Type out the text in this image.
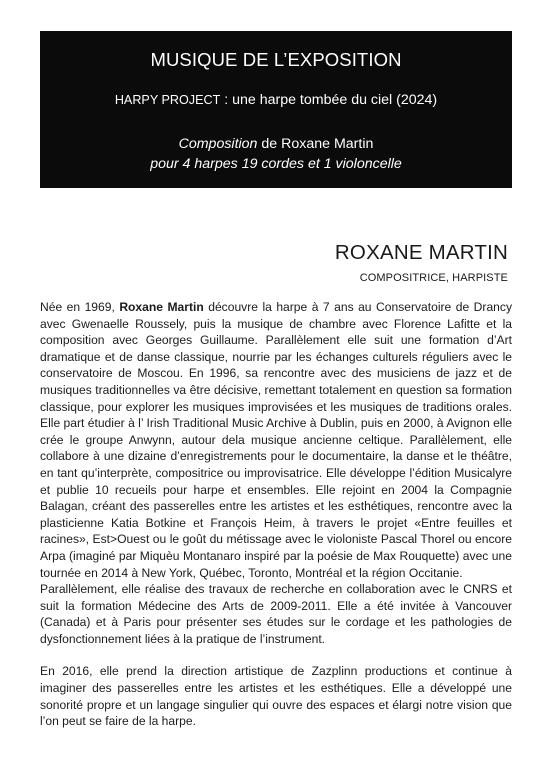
MUSIQUE DE L’EXPOSITION
HARPY PROJECT : une harpe tombée du ciel (2024)
Composition de Roxane Martin
pour 4 harpes 19 cordes et 1 violoncelle
ROXANE MARTIN
COMPOSITRICE, HARPISTE

Née en 1969, Roxane Martin découvre la harpe à 7 ans au Conservatoire de Drancy avec Gwenaelle Roussely, puis la musique de chambre avec Florence Lafitte et la composition avec Georges Guillaume. Parallèlement elle suit une formation d’Art dramatique et de danse classique, nourrie par les échanges culturels réguliers avec le conservatoire de Moscou. En 1996, sa rencontre avec des musiciens de jazz et de musiques traditionnelles va être décisive, remettant totalement en question sa formation classique, pour explorer les musiques improvisées et les musiques de traditions orales. Elle part étudier à l’ Irish Traditional Music Archive à Dublin, puis en 2000, à Avignon elle crée le groupe Anwynn, autour dela musique ancienne celtique. Parallèlement, elle collabore à une dizaine d’enregistrements pour le documentaire, la danse et le théâtre, en tant qu’interprète, compositrice ou improvisatrice. Elle développe l’édition Musicalyre et publie 10 recueils pour harpe et ensembles. Elle rejoint en 2004 la Compagnie Balagan, créant des passerelles entre les artistes et les esthétiques, rencontre avec la plasticienne Katia Botkine et François Heim, à travers le projet «Entre feuilles et racines», Est>Ouest ou le goût du métissage avec le violoniste Pascal Thorel ou encore Arpa (imaginé par Miquèu Montanaro inspiré par la poésie de Max Rouquette) avec une tournée en 2014 à New York, Québec, Toronto, Montréal et la région Occitanie.

Parallèlement, elle réalise des travaux de recherche en collaboration avec le CNRS et suit la formation Médecine des Arts de 2009-2011. Elle a été invitée à Vancouver (Canada) et à Paris pour présenter ses études sur le cordage et les pathologies de dysfonctionnement liées à la pratique de l’instrument.

En 2016, elle prend la direction artistique de Zazplinn productions et continue à imaginer des passerelles entre les artistes et les esthétiques. Elle a développé une sonorité propre et un langage singulier qui ouvre des espaces et élargi notre vision que l’on peut se faire de la harpe.
